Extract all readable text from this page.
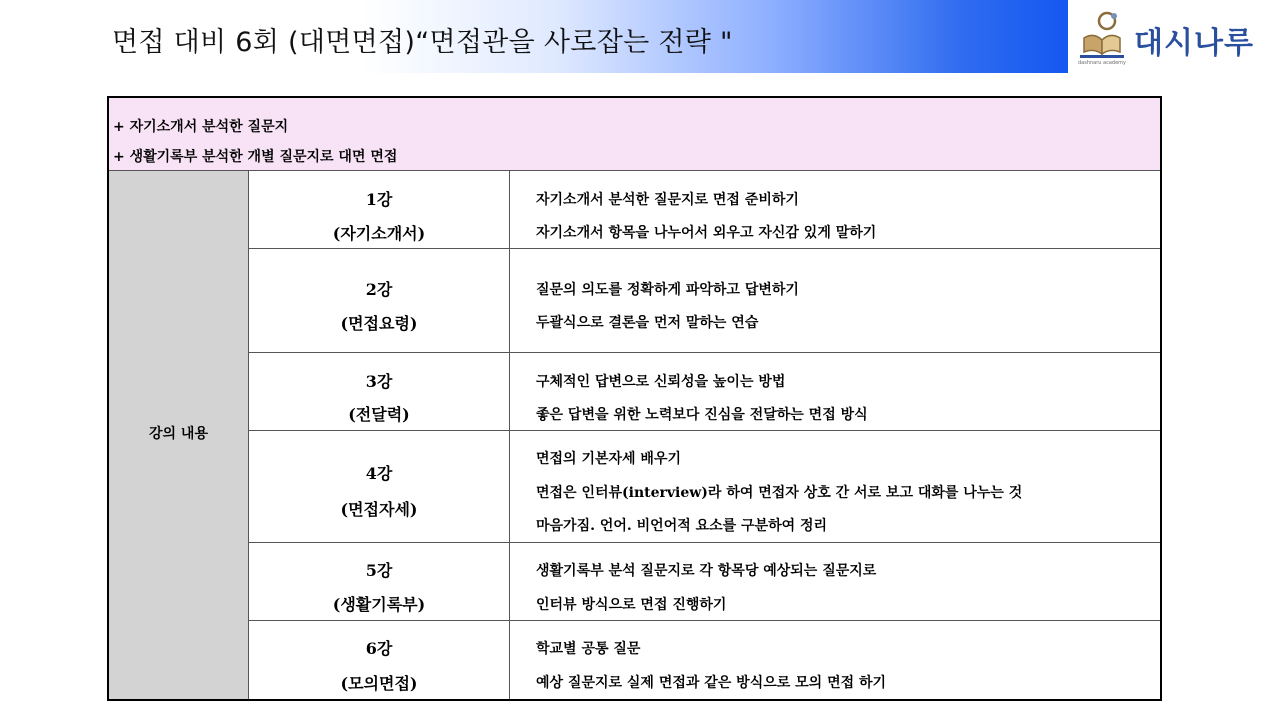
면접 대비 6회 (대면면접)“면접관을 사로잡는 전략 "	대시나루
dashnaru academy
+ 자기소개서 분석한 질문지
+ 생활기록부 분석한 개별 질문지로 대면 면접
강의 내용
1강
(자기소개서)
자기소개서 분석한 질문지로 면접 준비하기
자기소개서 항목을 나누어서 외우고 자신감 있게 말하기
2강
(면접요령)
질문의 의도를 정확하게 파악하고 답변하기
두괄식으로 결론을 먼저 말하는 연습
3강
(전달력)
구체적인 답변으로 신뢰성을 높이는 방법
좋은 답변을 위한 노력보다 진심을 전달하는 면접 방식
4강
(면접자세)
면접의 기본자세 배우기
면접은 인터뷰(interview)라 하여 면접자 상호 간 서로 보고 대화를 나누는 것
마음가짐. 언어. 비언어적 요소를 구분하여 정리
5강
(생활기록부)
생활기록부 분석 질문지로 각 항목당 예상되는 질문지로
인터뷰 방식으로 면접 진행하기
6강
(모의면접)
학교별 공통 질문
예상 질문지로 실제 면접과 같은 방식으로 모의 면접 하기
